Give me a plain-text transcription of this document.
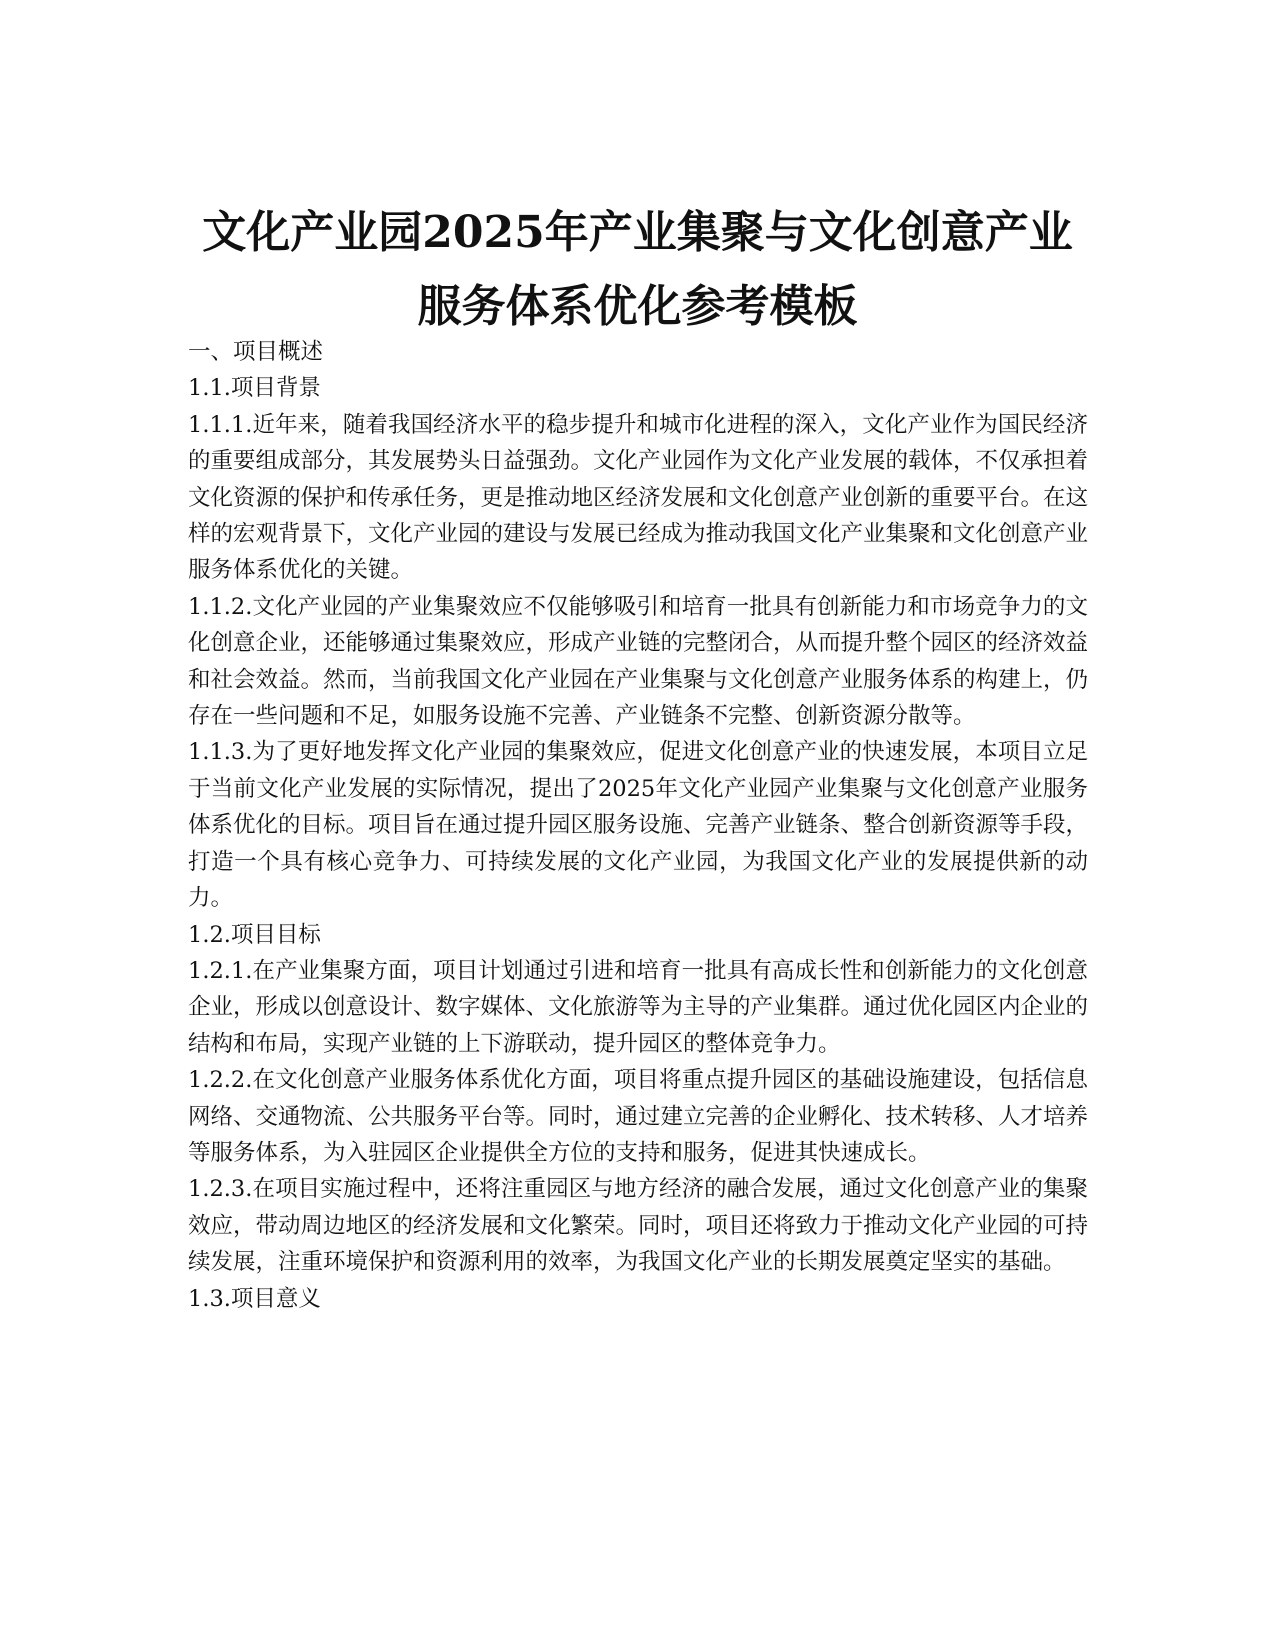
文化产业园2025年产业集聚与文化创意产业
服务体系优化参考模板

一、项目概述

1.1.项目背景

1.1.1.近年来，随着我国经济水平的稳步提升和城市化进程的深入，文化产业作为国民经济的重要组成部分，其发展势头日益强劲。文化产业园作为文化产业发展的载体，不仅承担着文化资源的保护和传承任务，更是推动地区经济发展和文化创意产业创新的重要平台。在这样的宏观背景下，文化产业园的建设与发展已经成为推动我国文化产业集聚和文化创意产业服务体系优化的关键。

1.1.2.文化产业园的产业集聚效应不仅能够吸引和培育一批具有创新能力和市场竞争力的文化创意企业，还能够通过集聚效应，形成产业链的完整闭合，从而提升整个园区的经济效益和社会效益。然而，当前我国文化产业园在产业集聚与文化创意产业服务体系的构建上，仍存在一些问题和不足，如服务设施不完善、产业链条不完整、创新资源分散等。

1.1.3.为了更好地发挥文化产业园的集聚效应，促进文化创意产业的快速发展，本项目立足于当前文化产业发展的实际情况，提出了2025年文化产业园产业集聚与文化创意产业服务体系优化的目标。项目旨在通过提升园区服务设施、完善产业链条、整合创新资源等手段，打造一个具有核心竞争力、可持续发展的文化产业园，为我国文化产业的发展提供新的动力。

1.2.项目目标

1.2.1.在产业集聚方面，项目计划通过引进和培育一批具有高成长性和创新能力的文化创意企业，形成以创意设计、数字媒体、文化旅游等为主导的产业集群。通过优化园区内企业的结构和布局，实现产业链的上下游联动，提升园区的整体竞争力。

1.2.2.在文化创意产业服务体系优化方面，项目将重点提升园区的基础设施建设，包括信息网络、交通物流、公共服务平台等。同时，通过建立完善的企业孵化、技术转移、人才培养等服务体系，为入驻园区企业提供全方位的支持和服务，促进其快速成长。

1.2.3.在项目实施过程中，还将注重园区与地方经济的融合发展，通过文化创意产业的集聚效应，带动周边地区的经济发展和文化繁荣。同时，项目还将致力于推动文化产业园的可持续发展，注重环境保护和资源利用的效率，为我国文化产业的长期发展奠定坚实的基础。

1.3.项目意义
